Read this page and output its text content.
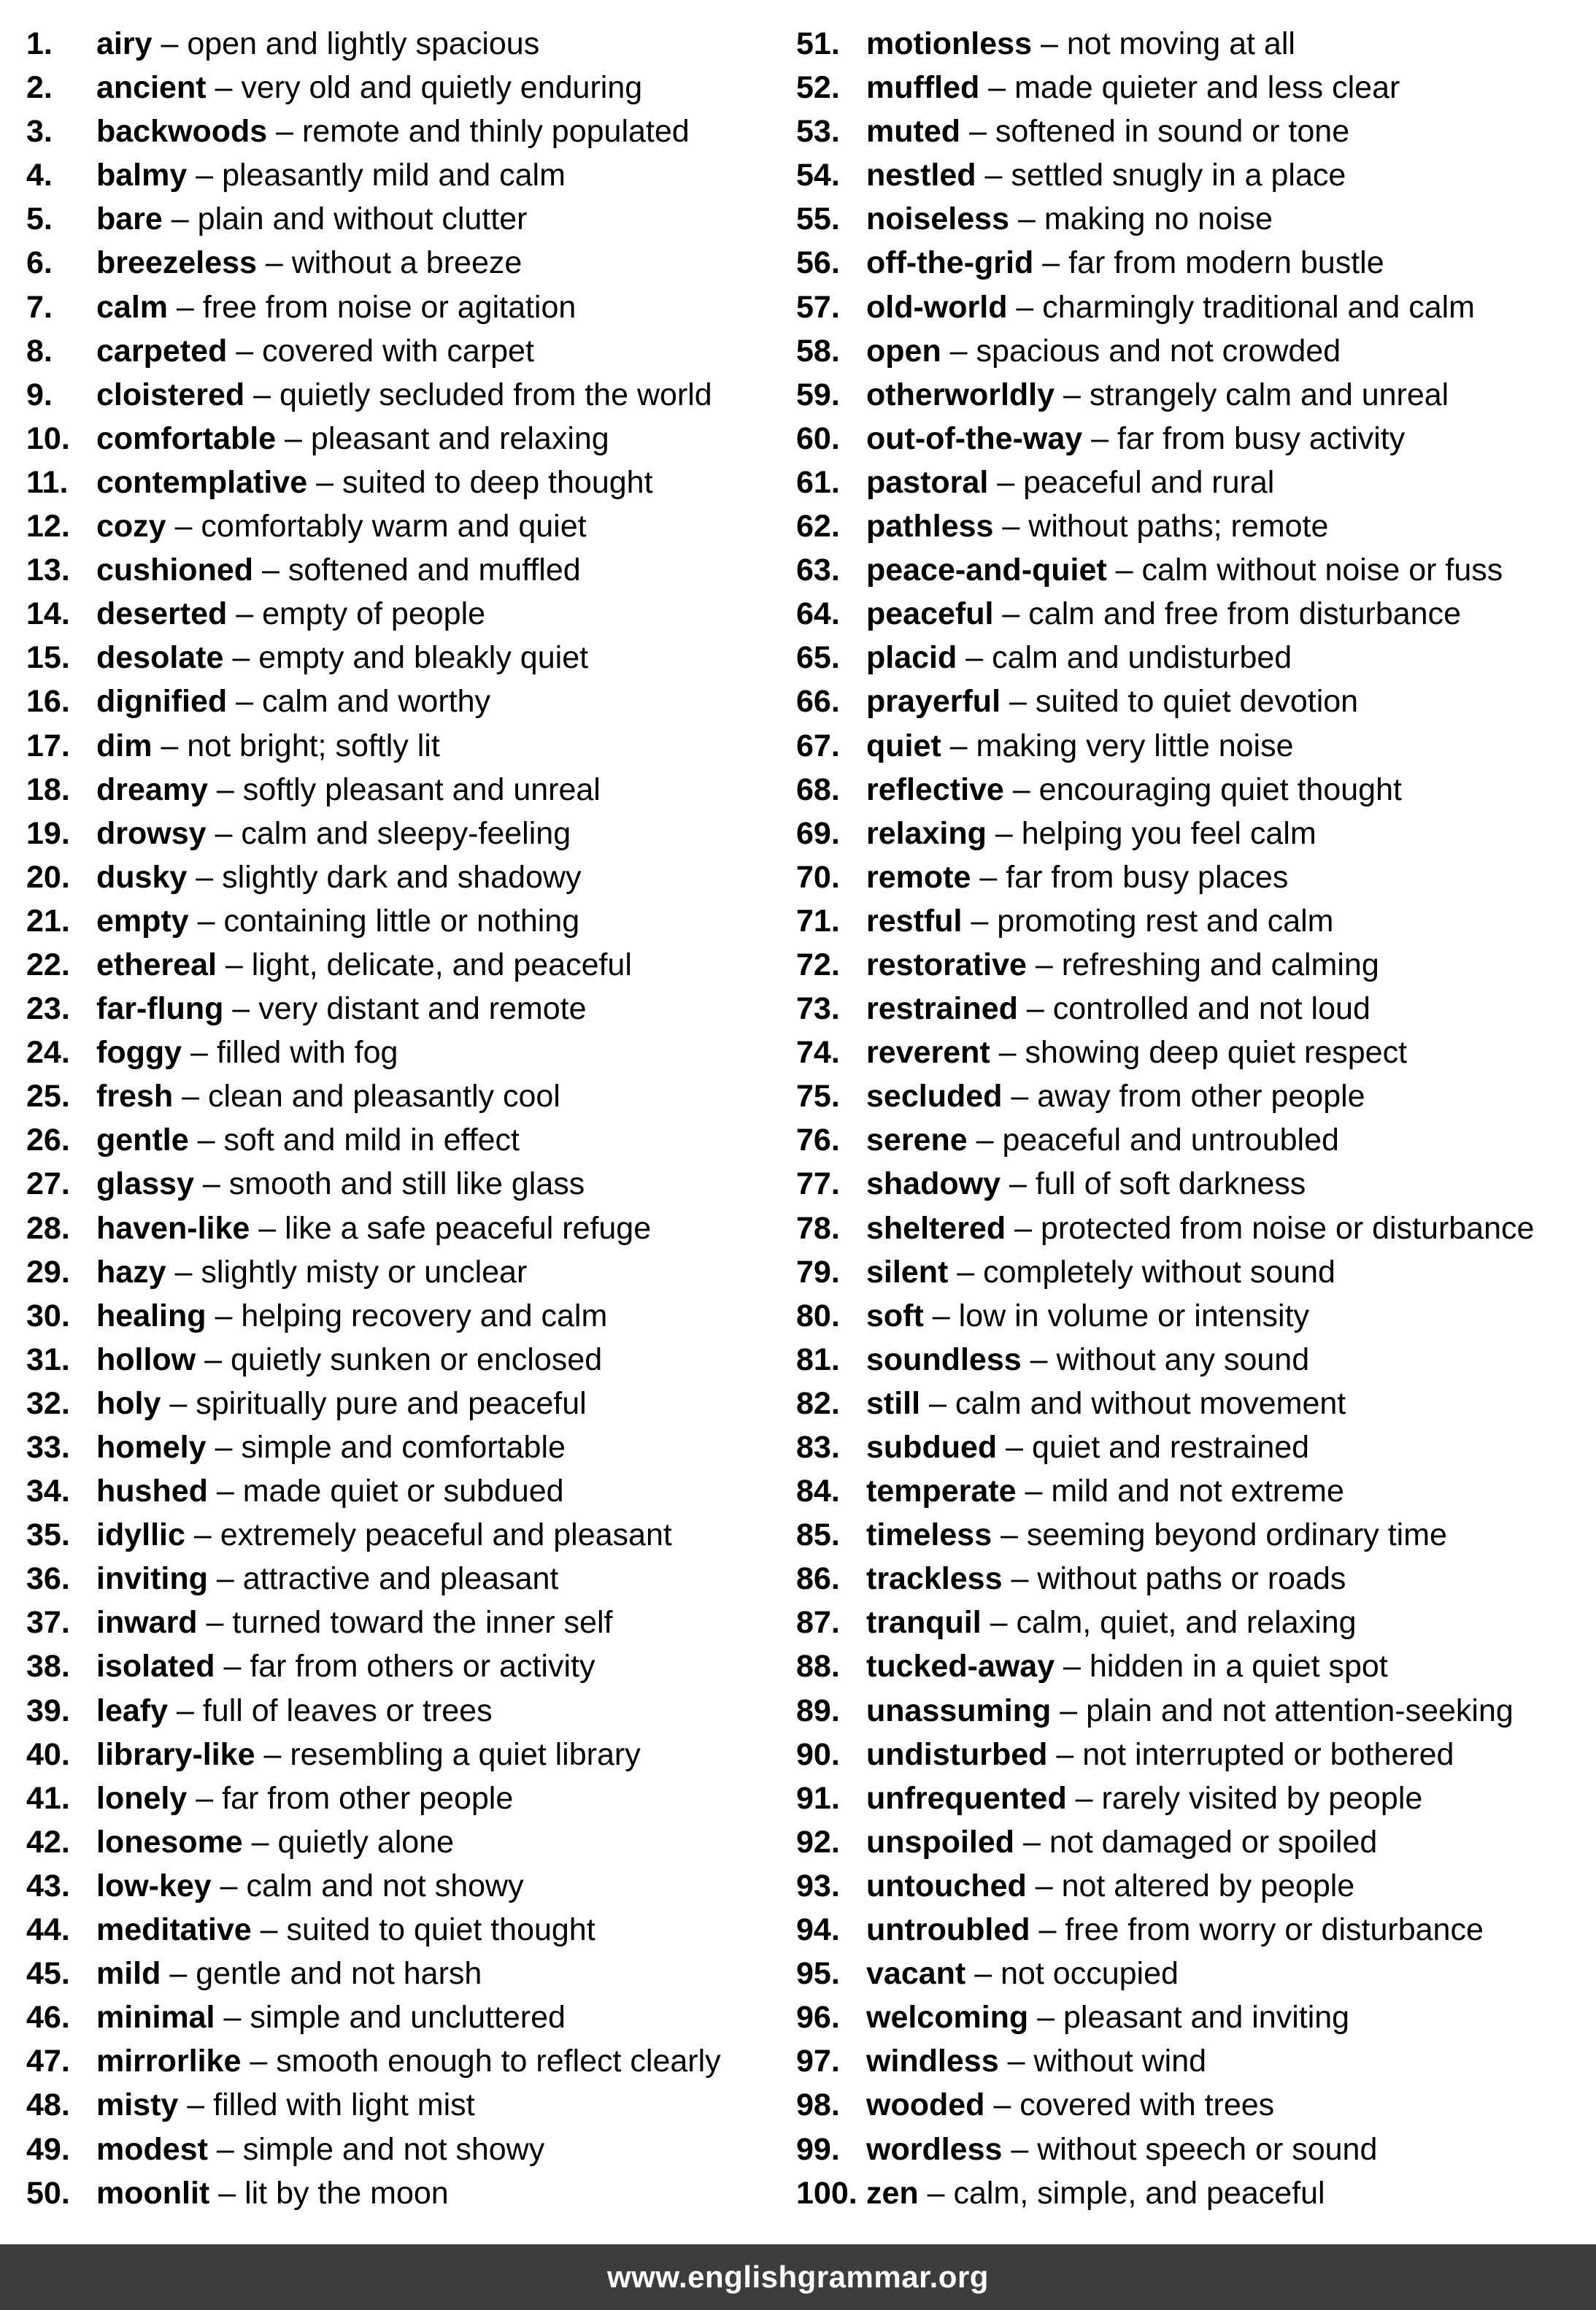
1. airy – open and lightly spacious
2. ancient – very old and quietly enduring
3. backwoods – remote and thinly populated
4. balmy – pleasantly mild and calm
5. bare – plain and without clutter
6. breezeless – without a breeze
7. calm – free from noise or agitation
8. carpeted – covered with carpet
9. cloistered – quietly secluded from the world
10. comfortable – pleasant and relaxing
11. contemplative – suited to deep thought
12. cozy – comfortably warm and quiet
13. cushioned – softened and muffled
14. deserted – empty of people
15. desolate – empty and bleakly quiet
16. dignified – calm and worthy
17. dim – not bright; softly lit
18. dreamy – softly pleasant and unreal
19. drowsy – calm and sleepy-feeling
20. dusky – slightly dark and shadowy
21. empty – containing little or nothing
22. ethereal – light, delicate, and peaceful
23. far-flung – very distant and remote
24. foggy – filled with fog
25. fresh – clean and pleasantly cool
26. gentle – soft and mild in effect
27. glassy – smooth and still like glass
28. haven-like – like a safe peaceful refuge
29. hazy – slightly misty or unclear
30. healing – helping recovery and calm
31. hollow – quietly sunken or enclosed
32. holy – spiritually pure and peaceful
33. homely – simple and comfortable
34. hushed – made quiet or subdued
35. idyllic – extremely peaceful and pleasant
36. inviting – attractive and pleasant
37. inward – turned toward the inner self
38. isolated – far from others or activity
39. leafy – full of leaves or trees
40. library-like – resembling a quiet library
41. lonely – far from other people
42. lonesome – quietly alone
43. low-key – calm and not showy
44. meditative – suited to quiet thought
45. mild – gentle and not harsh
46. minimal – simple and uncluttered
47. mirrorlike – smooth enough to reflect clearly
48. misty – filled with light mist
49. modest – simple and not showy
50. moonlit – lit by the moon
51. motionless – not moving at all
52. muffled – made quieter and less clear
53. muted – softened in sound or tone
54. nestled – settled snugly in a place
55. noiseless – making no noise
56. off-the-grid – far from modern bustle
57. old-world – charmingly traditional and calm
58. open – spacious and not crowded
59. otherworldly – strangely calm and unreal
60. out-of-the-way – far from busy activity
61. pastoral – peaceful and rural
62. pathless – without paths; remote
63. peace-and-quiet – calm without noise or fuss
64. peaceful – calm and free from disturbance
65. placid – calm and undisturbed
66. prayerful – suited to quiet devotion
67. quiet – making very little noise
68. reflective – encouraging quiet thought
69. relaxing – helping you feel calm
70. remote – far from busy places
71. restful – promoting rest and calm
72. restorative – refreshing and calming
73. restrained – controlled and not loud
74. reverent – showing deep quiet respect
75. secluded – away from other people
76. serene – peaceful and untroubled
77. shadowy – full of soft darkness
78. sheltered – protected from noise or disturbance
79. silent – completely without sound
80. soft – low in volume or intensity
81. soundless – without any sound
82. still – calm and without movement
83. subdued – quiet and restrained
84. temperate – mild and not extreme
85. timeless – seeming beyond ordinary time
86. trackless – without paths or roads
87. tranquil – calm, quiet, and relaxing
88. tucked-away – hidden in a quiet spot
89. unassuming – plain and not attention-seeking
90. undisturbed – not interrupted or bothered
91. unfrequented – rarely visited by people
92. unspoiled – not damaged or spoiled
93. untouched – not altered by people
94. untroubled – free from worry or disturbance
95. vacant – not occupied
96. welcoming – pleasant and inviting
97. windless – without wind
98. wooded – covered with trees
99. wordless – without speech or sound
100. zen – calm, simple, and peaceful
www.englishgrammar.org
